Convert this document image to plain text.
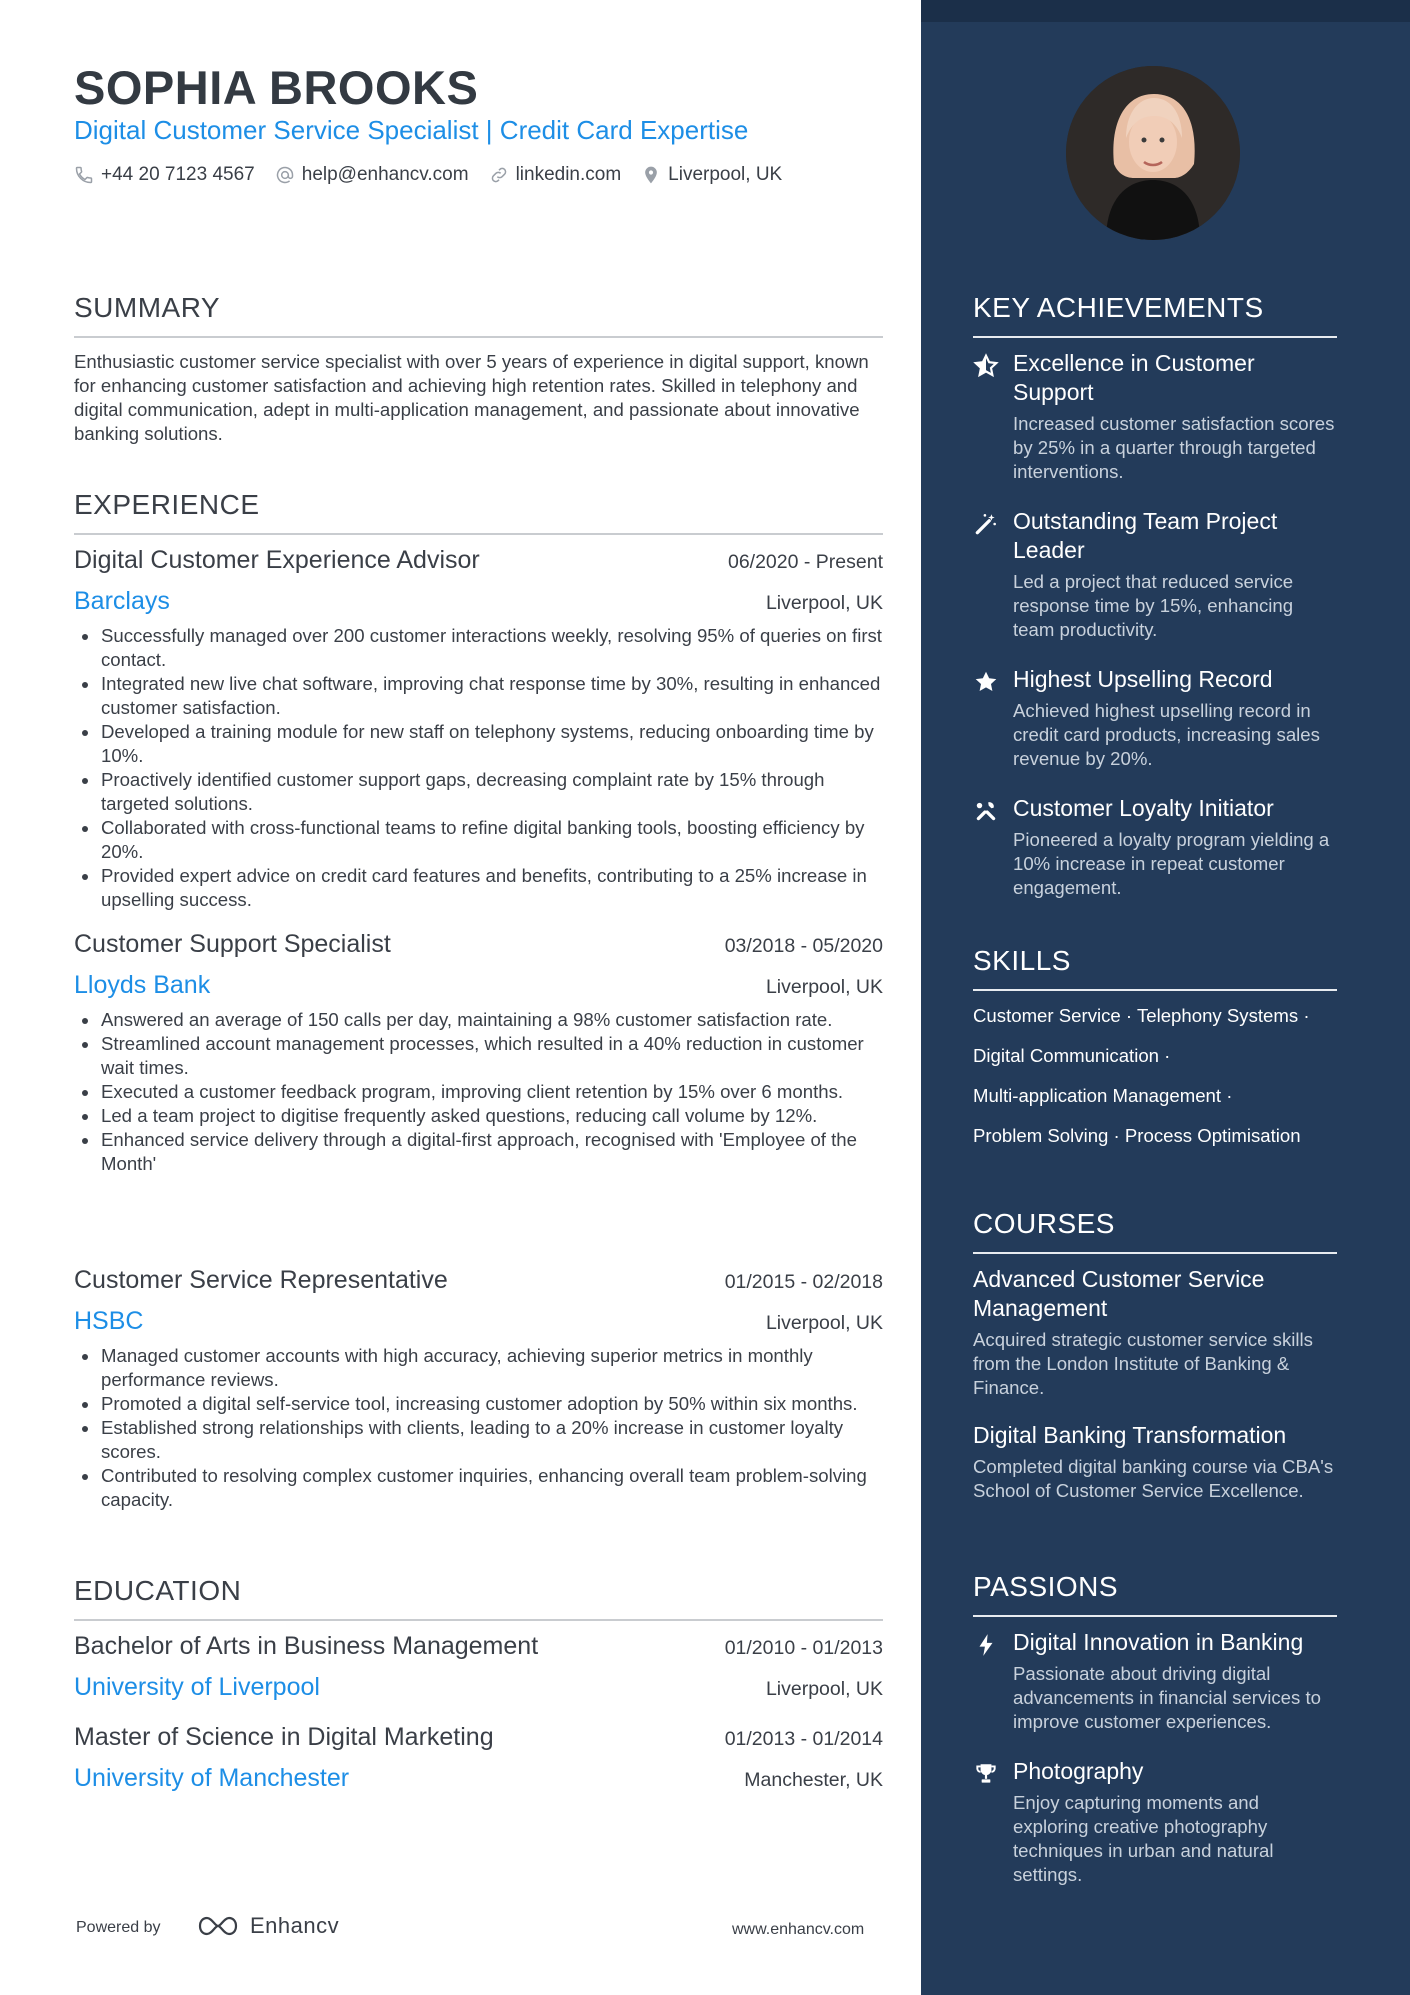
SOPHIA BROOKS
Digital Customer Service Specialist | Credit Card Expertise
+44 20 7123 4567 help@enhancv.com linkedin.com Liverpool, UK
SUMMARY
Enthusiastic customer service specialist with over 5 years of experience in digital support, known for enhancing customer satisfaction and achieving high retention rates. Skilled in telephony and digital communication, adept in multi-application management, and passionate about innovative banking solutions.
EXPERIENCE
Digital Customer Experience Advisor	06/2020 - Present
Barclays	Liverpool, UK
Successfully managed over 200 customer interactions weekly, resolving 95% of queries on first contact.
Integrated new live chat software, improving chat response time by 30%, resulting in enhanced customer satisfaction.
Developed a training module for new staff on telephony systems, reducing onboarding time by 10%.
Proactively identified customer support gaps, decreasing complaint rate by 15% through targeted solutions.
Collaborated with cross-functional teams to refine digital banking tools, boosting efficiency by 20%.
Provided expert advice on credit card features and benefits, contributing to a 25% increase in upselling success.
Customer Support Specialist	03/2018 - 05/2020
Lloyds Bank	Liverpool, UK
Answered an average of 150 calls per day, maintaining a 98% customer satisfaction rate.
Streamlined account management processes, which resulted in a 40% reduction in customer wait times.
Executed a customer feedback program, improving client retention by 15% over 6 months.
Led a team project to digitise frequently asked questions, reducing call volume by 12%.
Enhanced service delivery through a digital-first approach, recognised with 'Employee of the Month'
Customer Service Representative	01/2015 - 02/2018
HSBC	Liverpool, UK
Managed customer accounts with high accuracy, achieving superior metrics in monthly performance reviews.
Promoted a digital self-service tool, increasing customer adoption by 50% within six months.
Established strong relationships with clients, leading to a 20% increase in customer loyalty scores.
Contributed to resolving complex customer inquiries, enhancing overall team problem-solving capacity.
EDUCATION
Bachelor of Arts in Business Management	01/2010 - 01/2013
University of Liverpool	Liverpool, UK
Master of Science in Digital Marketing	01/2013 - 01/2014
University of Manchester	Manchester, UK
Powered by	Enhancv	www.enhancv.com
KEY ACHIEVEMENTS
Excellence in Customer Support
Increased customer satisfaction scores by 25% in a quarter through targeted interventions.
Outstanding Team Project Leader
Led a project that reduced service response time by 15%, enhancing team productivity.
Highest Upselling Record
Achieved highest upselling record in credit card products, increasing sales revenue by 20%.
Customer Loyalty Initiator
Pioneered a loyalty program yielding a 10% increase in repeat customer engagement.
SKILLS
Customer Service · Telephony Systems ·
Digital Communication ·
Multi-application Management ·
Problem Solving · Process Optimisation
COURSES
Advanced Customer Service Management
Acquired strategic customer service skills from the London Institute of Banking & Finance.
Digital Banking Transformation
Completed digital banking course via CBA's School of Customer Service Excellence.
PASSIONS
Digital Innovation in Banking
Passionate about driving digital advancements in financial services to improve customer experiences.
Photography
Enjoy capturing moments and exploring creative photography techniques in urban and natural settings.
